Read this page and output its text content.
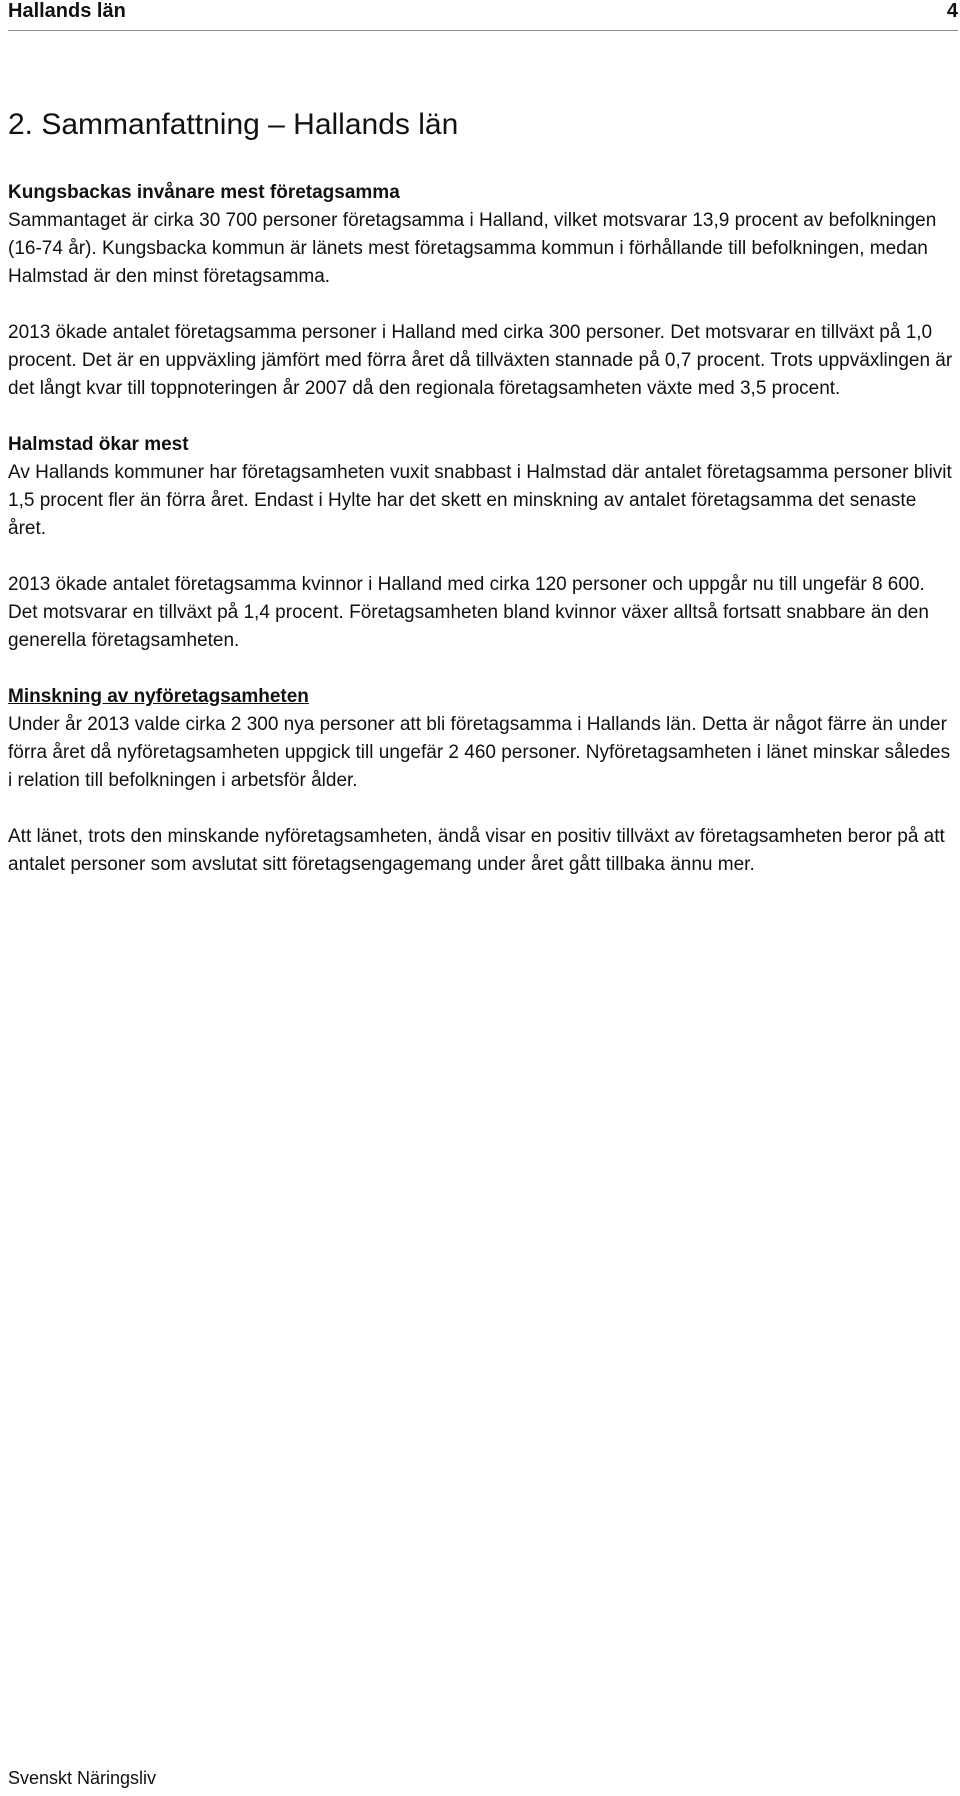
Hallands län	4
2. Sammanfattning – Hallands län
Kungsbackas invånare mest företagsamma

Sammantaget är cirka 30 700 personer företagsamma i Halland, vilket motsvarar 13,9 procent av befolkningen (16-74 år). Kungsbacka kommun är länets mest företagsamma kommun i förhållande till befolkningen, medan Halmstad är den minst företagsamma.

2013 ökade antalet företagsamma personer i Halland med cirka 300 personer. Det motsvarar en tillväxt på 1,0 procent. Det är en uppväxling jämfört med förra året då tillväxten stannade på 0,7 procent. Trots uppväxlingen är det långt kvar till toppnoteringen år 2007 då den regionala företagsamheten växte med 3,5 procent.

Halmstad ökar mest

Av Hallands kommuner har företagsamheten vuxit snabbast i Halmstad där antalet företagsamma personer blivit 1,5 procent fler än förra året. Endast i Hylte har det skett en minskning av antalet företagsamma det senaste året.

2013 ökade antalet företagsamma kvinnor i Halland med cirka 120 personer och uppgår nu till ungefär 8 600. Det motsvarar en tillväxt på 1,4 procent. Företagsamheten bland kvinnor växer alltså fortsatt snabbare än den generella företagsamheten.

Minskning av nyföretagsamheten

Under år 2013 valde cirka 2 300 nya personer att bli företagsamma i Hallands län. Detta är något färre än under förra året då nyföretagsamheten uppgick till ungefär 2 460 personer. Nyföretagsamheten i länet minskar således i relation till befolkningen i arbetsför ålder.

Att länet, trots den minskande nyföretagsamheten, ändå visar en positiv tillväxt av företagsamheten beror på att antalet personer som avslutat sitt företagsengagemang under året gått tillbaka ännu mer.

Svenskt Näringsliv
